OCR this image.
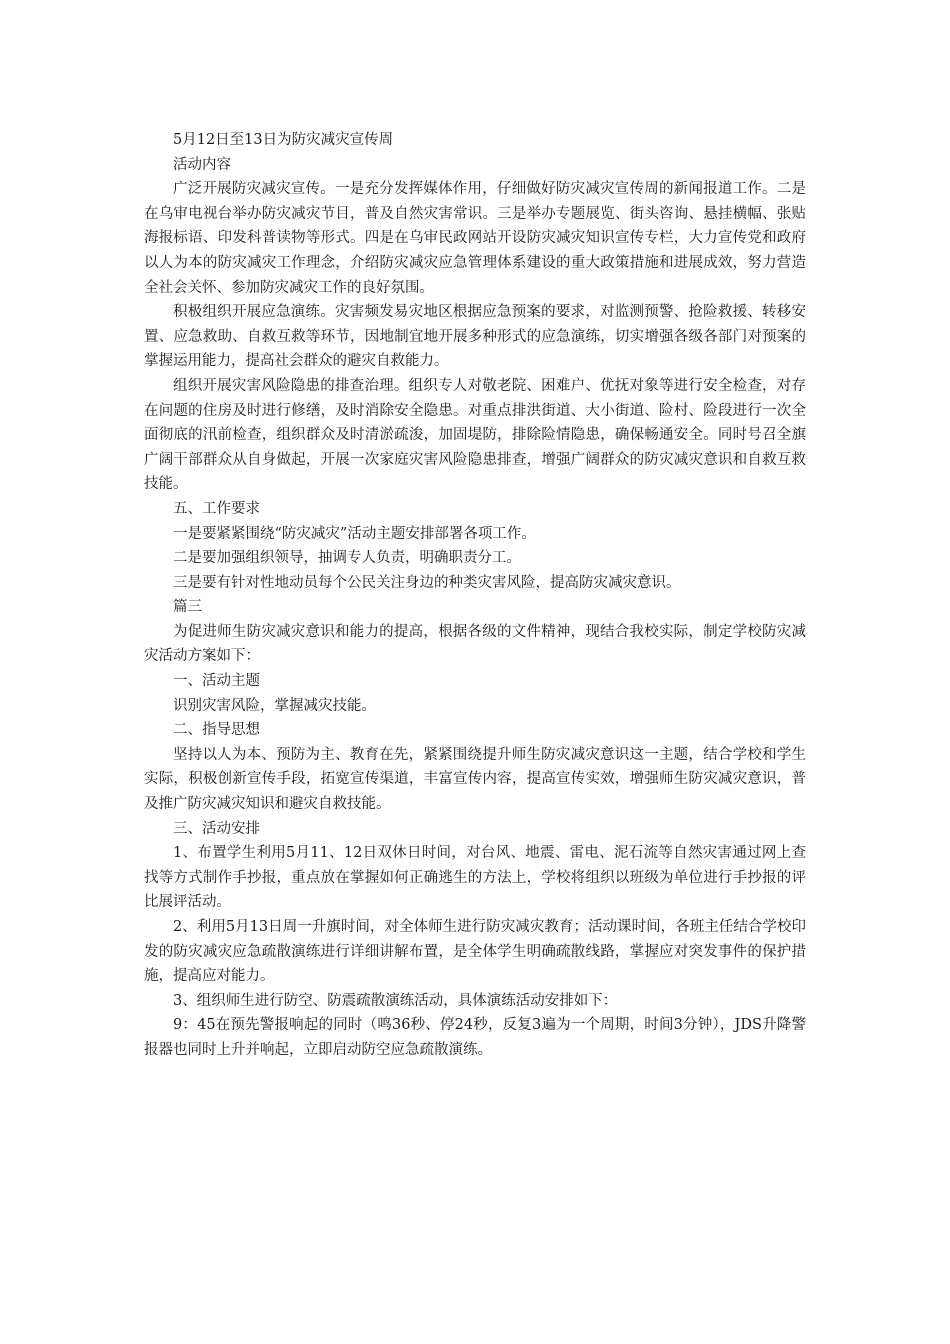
5月12日至13日为防灾减灾宣传周

活动内容

广泛开展防灾减灾宣传。一是充分发挥媒体作用，仔细做好防灾减灾宣传周的新闻报道工作。二是在乌审电视台举办防灾减灾节目，普及自然灾害常识。三是举办专题展览、街头咨询、悬挂横幅、张贴海报标语、印发科普读物等形式。四是在乌审民政网站开设防灾减灾知识宣传专栏，大力宣传党和政府以人为本的防灾减灾工作理念，介绍防灾减灾应急管理体系建设的重大政策措施和进展成效，努力营造全社会关怀、参加防灾减灾工作的良好氛围。

积极组织开展应急演练。灾害频发易灾地区根据应急预案的要求，对监测预警、抢险救援、转移安置、应急救助、自救互救等环节，因地制宜地开展多种形式的应急演练，切实增强各级各部门对预案的掌握运用能力，提高社会群众的避灾自救能力。

组织开展灾害风险隐患的排查治理。组织专人对敬老院、困难户、优抚对象等进行安全检查，对存在问题的住房及时进行修缮，及时消除安全隐患。对重点排洪街道、大小街道、险村、险段进行一次全面彻底的汛前检查，组织群众及时清淤疏浚，加固堤防，排除险情隐患，确保畅通安全。同时号召全旗广阔干部群众从自身做起，开展一次家庭灾害风险隐患排查，增强广阔群众的防灾减灾意识和自救互救技能。

五、工作要求

一是要紧紧围绕“防灾减灾”活动主题安排部署各项工作。

二是要加强组织领导，抽调专人负责，明确职责分工。

三是要有针对性地动员每个公民关注身边的种类灾害风险，提高防灾减灾意识。

篇三

为促进师生防灾减灾意识和能力的提高，根据各级的文件精神，现结合我校实际，制定学校防灾减灾活动方案如下：

一、活动主题

识别灾害风险，掌握减灾技能。

二、指导思想

坚持以人为本、预防为主、教育在先，紧紧围绕提升师生防灾减灾意识这一主题，结合学校和学生实际，积极创新宣传手段，拓宽宣传渠道，丰富宣传内容，提高宣传实效，增强师生防灾减灾意识，普及推广防灾减灾知识和避灾自救技能。

三、活动安排

1、布置学生利用5月11、12日双休日时间，对台风、地震、雷电、泥石流等自然灾害通过网上查找等方式制作手抄报，重点放在掌握如何正确逃生的方法上，学校将组织以班级为单位进行手抄报的评比展评活动。

2、利用5月13日周一升旗时间，对全体师生进行防灾减灾教育；活动课时间，各班主任结合学校印发的防灾减灾应急疏散演练进行详细讲解布置，是全体学生明确疏散线路，掌握应对突发事件的保护措施，提高应对能力。

3、组织师生进行防空、防震疏散演练活动，具体演练活动安排如下：

9：45在预先警报响起的同时（鸣36秒、停24秒，反复3遍为一个周期，时间3分钟），JDS升降警报器也同时上升并响起，立即启动防空应急疏散演练。
